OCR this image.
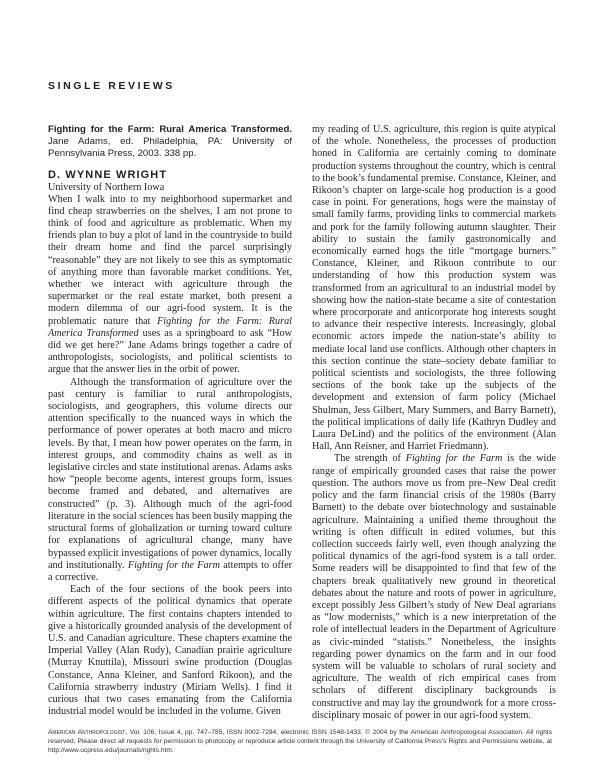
SINGLE REVIEWS

Fighting for the Farm: Rural America Transformed. Jane Adams, ed. Philadelphia, PA: University of Pennsylvania Press, 2003. 338 pp.

D. WYNNE WRIGHT

University of Northern Iowa

When I walk into to my neighborhood supermarket and find cheap strawberries on the shelves, I am not prone to think of food and agriculture as problematic. When my friends plan to buy a plot of land in the countryside to build their dream home and find the parcel surprisingly “reasonable” they are not likely to see this as symptomatic of anything more than favorable market conditions. Yet, whether we interact with agriculture through the supermarket or the real estate market, both present a modern dilemma of our agri-food system. It is the problematic nature that Fighting for the Farm: Rural America Transformed uses as a springboard to ask “How did we get here?” Jane Adams brings together a cadre of anthropologists, sociologists, and political scientists to argue that the answer lies in the orbit of power.

Although the transformation of agriculture over the past century is familiar to rural anthropologists, sociologists, and geographers, this volume directs our attention specifically to the nuanced ways in which the performance of power operates at both macro and micro levels. By that, I mean how power operates on the farm, in interest groups, and commodity chains as well as in legislative circles and state institutional arenas. Adams asks how “people become agents, interest groups form, issues become framed and debated, and alternatives are constructed” (p. 3). Although much of the agri-food literature in the social sciences has been busily mapping the structural forms of globalization or turning toward culture for explanations of agricultural change, many have bypassed explicit investigations of power dynamics, locally and institutionally. Fighting for the Farm attempts to offer a corrective.

Each of the four sections of the book peers into different aspects of the political dynamics that operate within agriculture. The first contains chapters intended to give a historically grounded analysis of the development of U.S. and Canadian agriculture. These chapters examine the Imperial Valley (Alan Rudy), Canadian prairie agriculture (Murray Knuttila), Missouri swine production (Douglas Constance, Anna Kleiner, and Sanford Rikoon), and the California strawberry industry (Miriam Wells). I find it curious that two cases emanating from the California industrial model would be included in the volume. Given

my reading of U.S. agriculture, this region is quite atypical of the whole. Nonetheless, the processes of production honed in California are certainly coming to dominate production systems throughout the country, which is central to the book’s fundamental premise. Constance, Kleiner, and Rikoon’s chapter on large-scale hog production is a good case in point. For generations, hogs were the mainstay of small family farms, providing links to commercial markets and pork for the family following autumn slaughter. Their ability to sustain the family gastronomically and economically earned hogs the title “mortgage burners.” Constance, Kleiner, and Rikoon contribute to our understanding of how this production system was transformed from an agricultural to an industrial model by showing how the nation-state became a site of contestation where procorporate and anticorporate hog interests sought to advance their respective interests. Increasingly, global economic actors impede the nation-state’s ability to mediate local land use conflicts. Although other chapters in this section continue the state–society debate familiar to political scientists and sociologists, the three following sections of the book take up the subjects of the development and extension of farm policy (Michael Shulman, Jess Gilbert, Mary Summers, and Barry Barnett), the political implications of daily life (Kathryn Dudley and Laura DeLind) and the politics of the environment (Alan Hall, Ann Reisner, and Harriet Friedmann).

The strength of Fighting for the Farm is the wide range of empirically grounded cases that raise the power question. The authors move us from pre–New Deal credit policy and the farm financial crisis of the 1980s (Barry Barnett) to the debate over biotechnology and sustainable agriculture. Maintaining a unified theme throughout the writing is often difficult in edited volumes, but this collection succeeds fairly well, even though analyzing the political dynamics of the agri-food system is a tall order. Some readers will be disappointed to find that few of the chapters break qualitatively new ground in theoretical debates about the nature and roots of power in agriculture, except possibly Jess Gilbert’s study of New Deal agrarians as “low modernists,” which is a new interpretation of the role of intellectual leaders in the Department of Agriculture as civic-minded “statists.” Nonetheless, the insights regarding power dynamics on the farm and in our food system will be valuable to scholars of rural society and agriculture. The wealth of rich empirical cases from scholars of different disciplinary backgrounds is constructive and may lay the groundwork for a more cross-disciplinary mosaic of power in our agri-food system.

American Anthropologist, Vol. 106, Issue 4, pp. 747–785, ISSN 0002-7294, electronic ISSN 1548-1433. © 2004 by the American Anthropological Association. All rights reserved. Please direct all requests for permission to photocopy or reproduce article content through the University of California Press’s Rights and Permissions website, at http://www.ucpress.edu/journals/rights.htm.
